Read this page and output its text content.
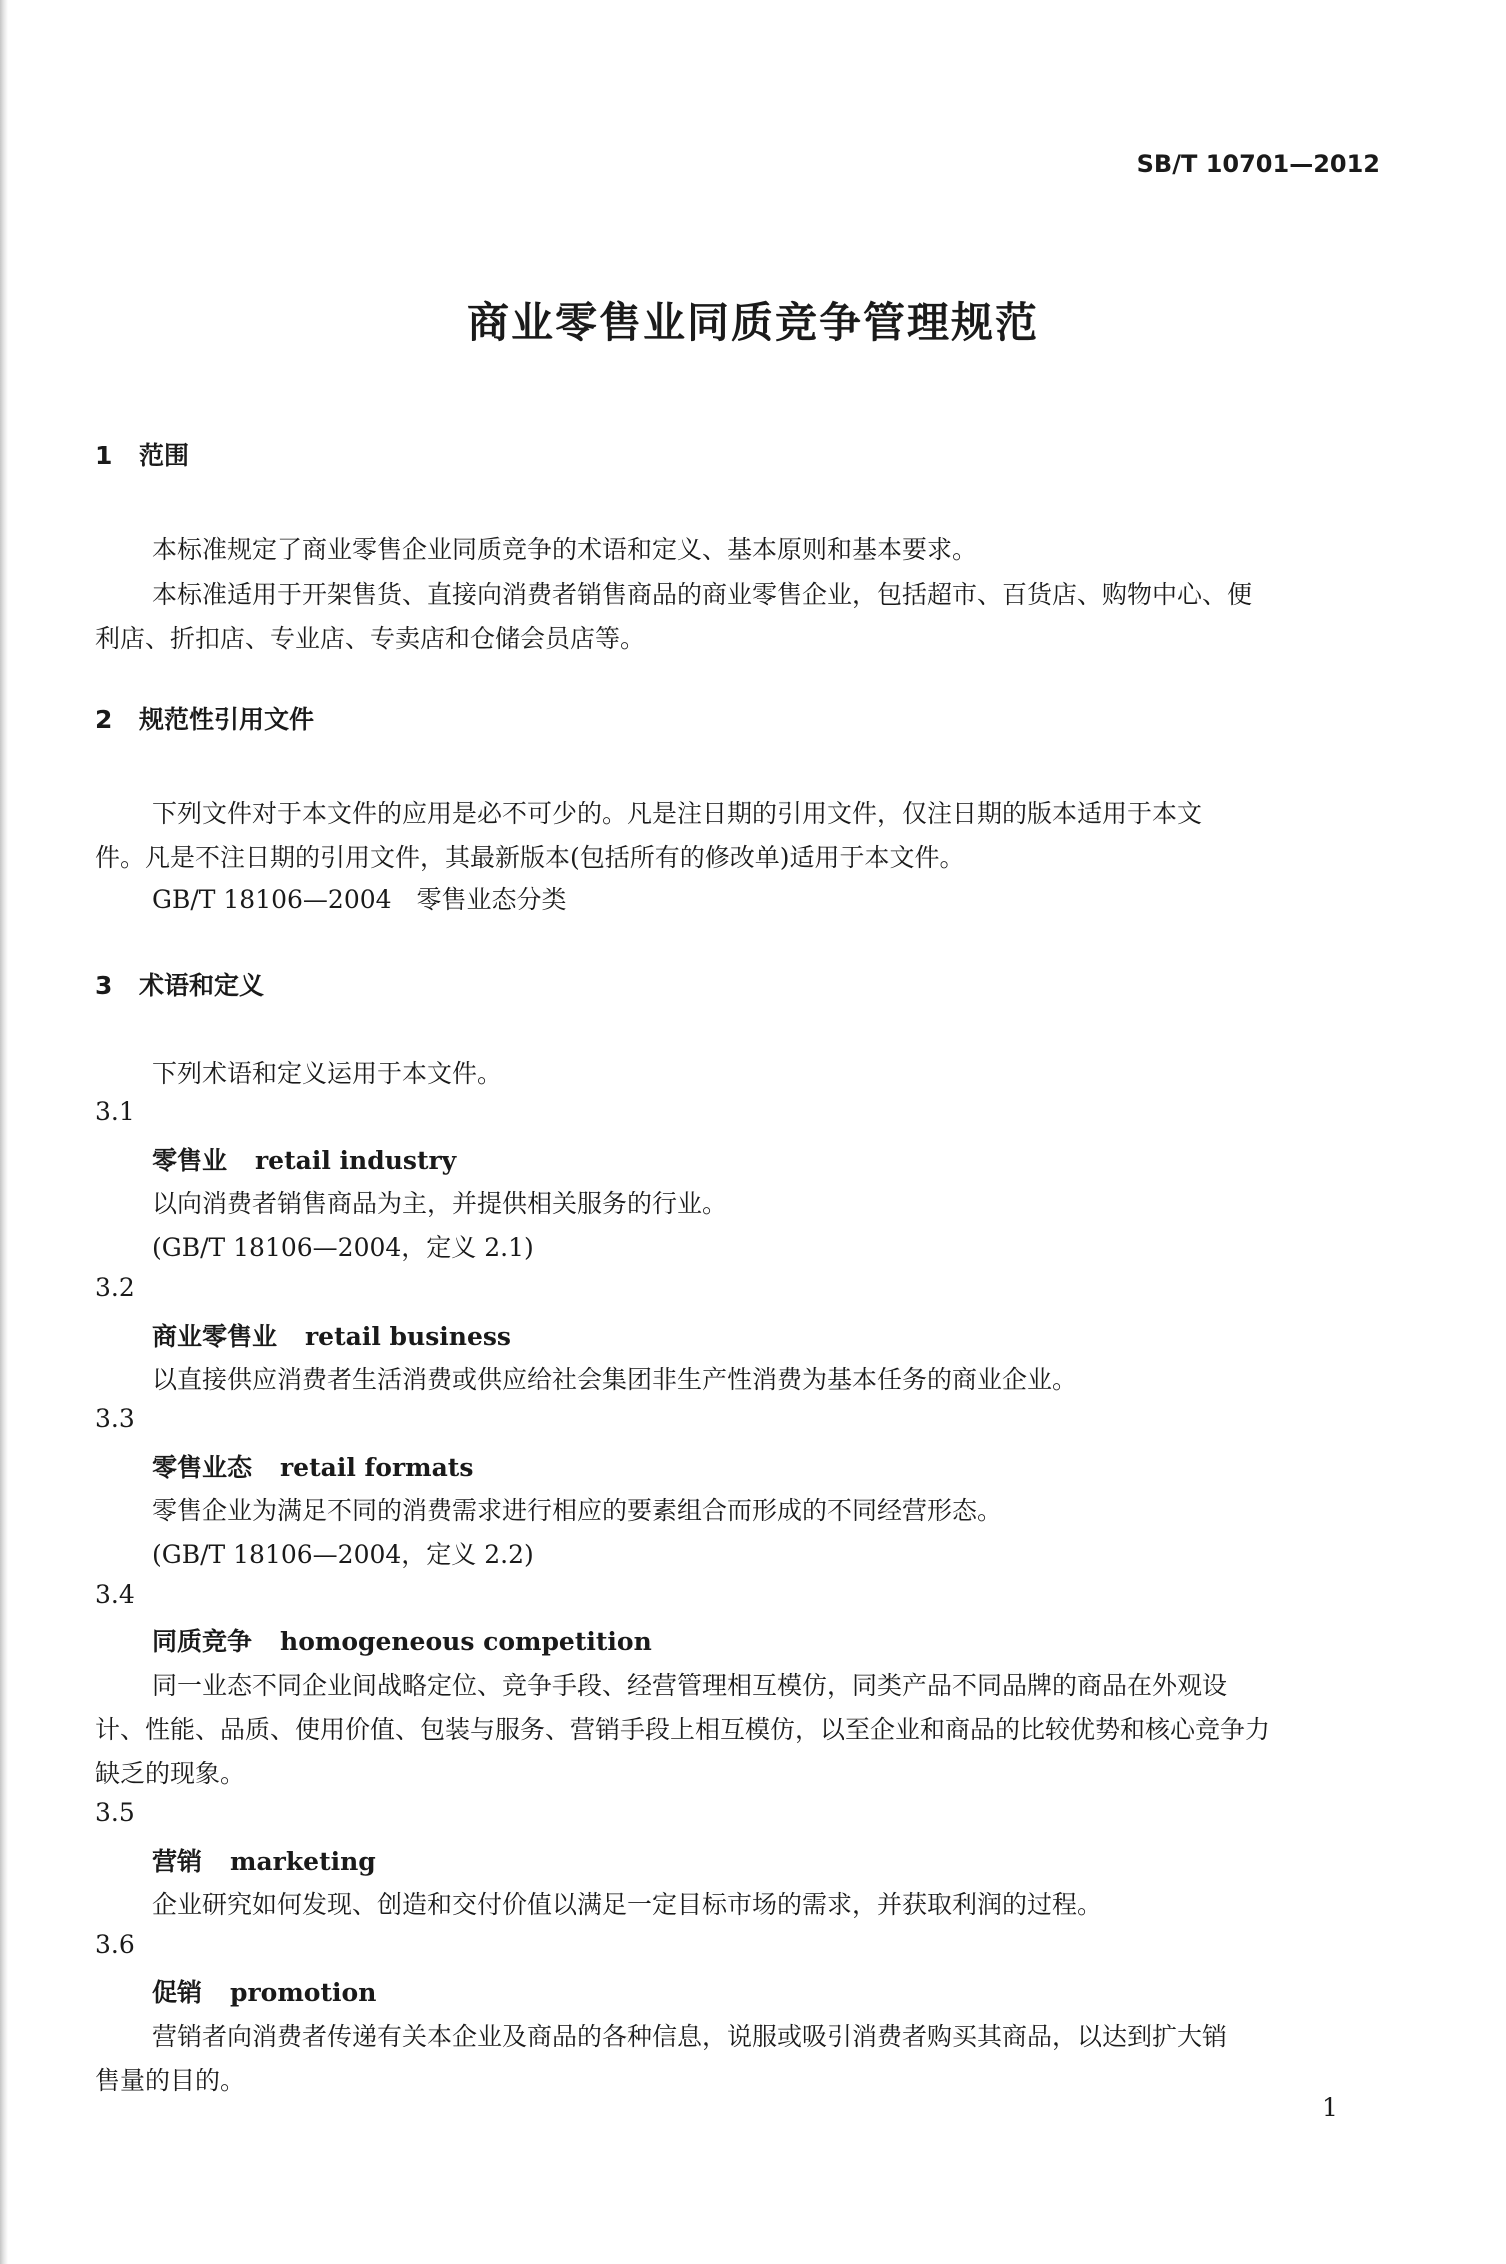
SB/T 10701—2012
商业零售业同质竞争管理规范
1 范围
本标准规定了商业零售企业同质竞争的术语和定义、基本原则和基本要求。
本标准适用于开架售货、直接向消费者销售商品的商业零售企业，包括超市、百货店、购物中心、便
利店、折扣店、专业店、专卖店和仓储会员店等。
2 规范性引用文件
下列文件对于本文件的应用是必不可少的。凡是注日期的引用文件，仅注日期的版本适用于本文
件。凡是不注日期的引用文件，其最新版本(包括所有的修改单)适用于本文件。
GB/T 18106—2004　零售业态分类
3 术语和定义
下列术语和定义运用于本文件。
3.1
零售业 retail industry
以向消费者销售商品为主，并提供相关服务的行业。
(GB/T 18106—2004，定义 2.1)
3.2
商业零售业 retail business
以直接供应消费者生活消费或供应给社会集团非生产性消费为基本任务的商业企业。
3.3
零售业态 retail formats
零售企业为满足不同的消费需求进行相应的要素组合而形成的不同经营形态。
(GB/T 18106—2004，定义 2.2)
3.4
同质竞争 homogeneous competition
同一业态不同企业间战略定位、竞争手段、经营管理相互模仿，同类产品不同品牌的商品在外观设
计、性能、品质、使用价值、包装与服务、营销手段上相互模仿，以至企业和商品的比较优势和核心竞争力
缺乏的现象。
3.5
营销 marketing
企业研究如何发现、创造和交付价值以满足一定目标市场的需求，并获取利润的过程。
3.6
促销 promotion
营销者向消费者传递有关本企业及商品的各种信息，说服或吸引消费者购买其商品，以达到扩大销
售量的目的。
1
